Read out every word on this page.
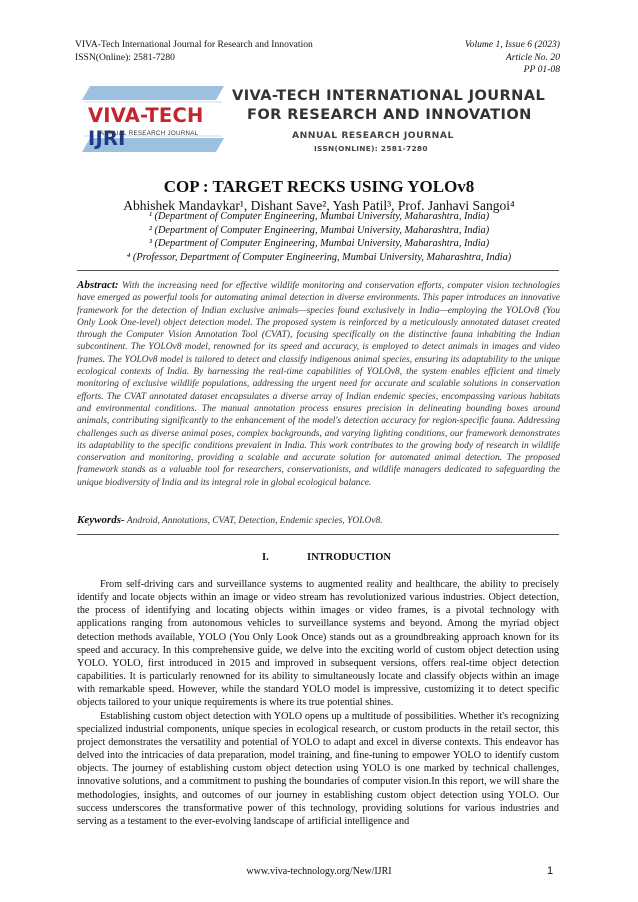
VIVA-Tech International Journal for Research and Innovation
ISSN(Online): 2581-7280
Volume 1, Issue 6 (2023)
Article No. 20
PP 01-08
VIVA-TECH IJRI
ANNUAL RESEARCH JOURNAL
VIVA-TECH INTERNATIONAL JOURNAL
FOR RESEARCH AND INNOVATION
ANNUAL RESEARCH JOURNAL
ISSN(ONLINE): 2581-7280
COP : TARGET RECKS USING YOLOv8
Abhishek Mandavkar¹, Dishant Save², Yash Patil³, Prof. Janhavi Sangoi⁴
¹ (Department of Computer Engineering, Mumbai University, Maharashtra, India)
² (Department of Computer Engineering, Mumbai University, Maharashtra, India)
³ (Department of Computer Engineering, Mumbai University, Maharashtra, India)
⁴ (Professor, Department of Computer Engineering, Mumbai University, Maharashtra, India)
Abstract: With the increasing need for effective wildlife monitoring and conservation efforts, computer vision technologies have emerged as powerful tools for automating animal detection in diverse environments. This paper introduces an innovative framework for the detection of Indian exclusive animals—species found exclusively in India—employing the YOLOv8 (You Only Look One-level) object detection model. The proposed system is reinforced by a meticulously annotated dataset created through the Computer Vision Annotation Tool (CVAT), focusing specifically on the distinctive fauna inhabiting the Indian subcontinent. The YOLOv8 model, renowned for its speed and accuracy, is employed to detect animals in images and video frames. The YOLOv8 model is tailored to detect and classify indigenous animal species, ensuring its adaptability to the unique ecological contexts of India. By harnessing the real-time capabilities of YOLOv8, the system enables efficient and timely monitoring of exclusive wildlife populations, addressing the urgent need for accurate and scalable solutions in conservation efforts. The CVAT annotated dataset encapsulates a diverse array of Indian endemic species, encompassing various habitats and environmental conditions. The manual annotation process ensures precision in delineating bounding boxes around animals, contributing significantly to the enhancement of the model's detection accuracy for region-specific fauna. Addressing challenges such as diverse animal poses, complex backgrounds, and varying lighting conditions, our framework demonstrates its adaptability to the specific conditions prevalent in India. This work contributes to the growing body of research in wildlife conservation and monitoring, providing a scalable and accurate solution for automated animal detection. The proposed framework stands as a valuable tool for researchers, conservationists, and wildlife managers dedicated to safeguarding the unique biodiversity of India and its integral role in global ecological balance.
Keywords- Android, Annotations, CVAT, Detection, Endemic species, YOLOv8.
I.	INTRODUCTION

From self-driving cars and surveillance systems to augmented reality and healthcare, the ability to precisely identify and locate objects within an image or video stream has revolutionized various industries. Object detection, the process of identifying and locating objects within images or video frames, is a pivotal technology with applications ranging from autonomous vehicles to surveillance systems and beyond. Among the myriad object detection methods available, YOLO (You Only Look Once) stands out as a groundbreaking approach known for its speed and accuracy. In this comprehensive guide, we delve into the exciting world of custom object detection using YOLO. YOLO, first introduced in 2015 and improved in subsequent versions, offers real-time object detection capabilities. It is particularly renowned for its ability to simultaneously locate and classify objects within an image with remarkable speed. However, while the standard YOLO model is impressive, customizing it to detect specific objects tailored to your unique requirements is where its true potential shines.

Establishing custom object detection with YOLO opens up a multitude of possibilities. Whether it's recognizing specialized industrial components, unique species in ecological research, or custom products in the retail sector, this project demonstrates the versatility and potential of YOLO to adapt and excel in diverse contexts. This endeavor has delved into the intricacies of data preparation, model training, and fine-tuning to empower YOLO to identify custom objects. The journey of establishing custom object detection using YOLO is one marked by technical challenges, innovative solutions, and a commitment to pushing the boundaries of computer vision.In this report, we will share the methodologies, insights, and outcomes of our journey in establishing custom object detection using YOLO. Our success underscores the transformative power of this technology, providing solutions for various industries and serving as a testament to the ever-evolving landscape of artificial intelligence and

www.viva-technology.org/New/IJRI	1
